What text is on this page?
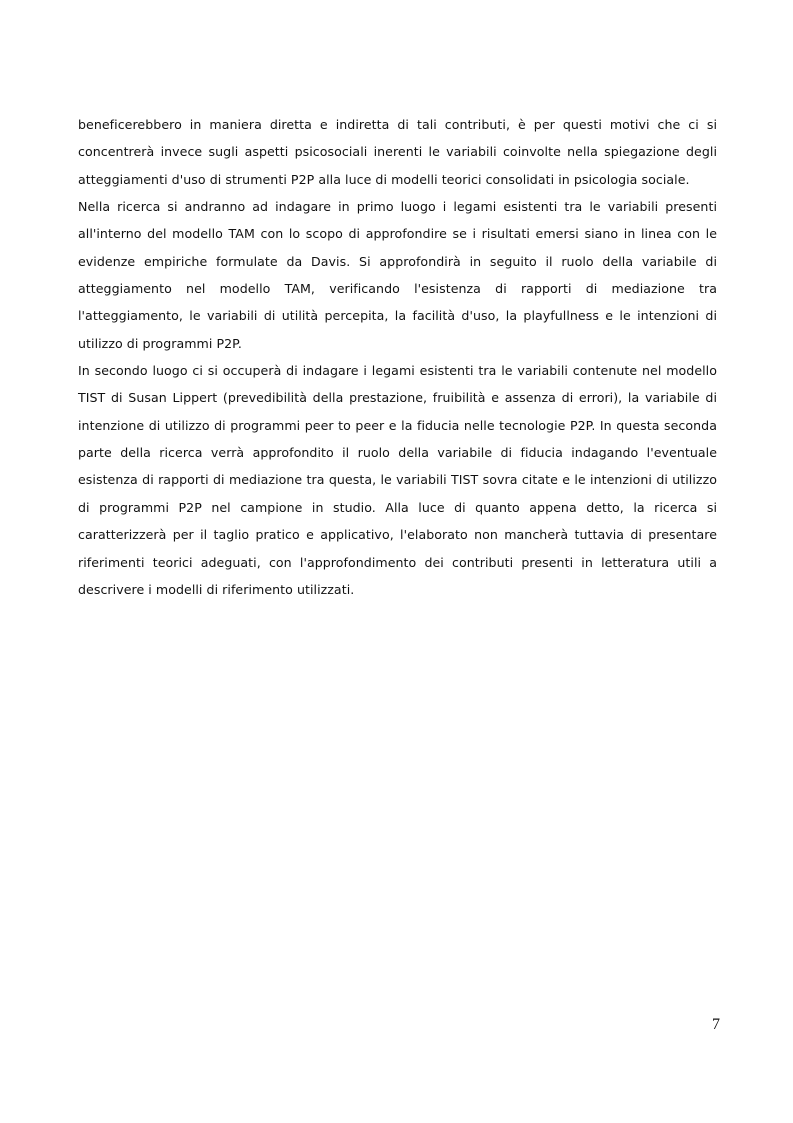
beneficerebbero in maniera diretta e indiretta di tali contributi, è per questi motivi che ci si concentrerà invece sugli aspetti psicosociali inerenti le variabili coinvolte nella spiegazione degli atteggiamenti d'uso di strumenti P2P alla luce di modelli teorici consolidati in psicologia sociale.

Nella ricerca si andranno ad indagare in primo luogo i legami esistenti tra le variabili presenti all'interno del modello TAM con lo scopo di approfondire se i risultati emersi siano in linea con le evidenze empiriche formulate da Davis. Si approfondirà in seguito il ruolo della variabile di atteggiamento nel modello TAM, verificando l'esistenza di rapporti di mediazione tra l'atteggiamento, le variabili di utilità percepita, la facilità d'uso, la playfullness e le intenzioni di utilizzo di programmi P2P.

In secondo luogo ci si occuperà di indagare i legami esistenti tra le variabili contenute nel modello TIST di Susan Lippert (prevedibilità della prestazione, fruibilità e assenza di errori), la variabile di intenzione di utilizzo di programmi peer to peer e la fiducia nelle tecnologie P2P. In questa seconda parte della ricerca verrà approfondito il ruolo della variabile di fiducia indagando l'eventuale esistenza di rapporti di mediazione tra questa, le variabili TIST sovra citate e le intenzioni di utilizzo di programmi P2P nel campione in studio. Alla luce di quanto appena detto, la ricerca si caratterizzerà per il taglio pratico e applicativo, l'elaborato non mancherà tuttavia di presentare riferimenti teorici adeguati, con l'approfondimento dei contributi presenti in letteratura utili a descrivere i modelli di riferimento utilizzati.

7
